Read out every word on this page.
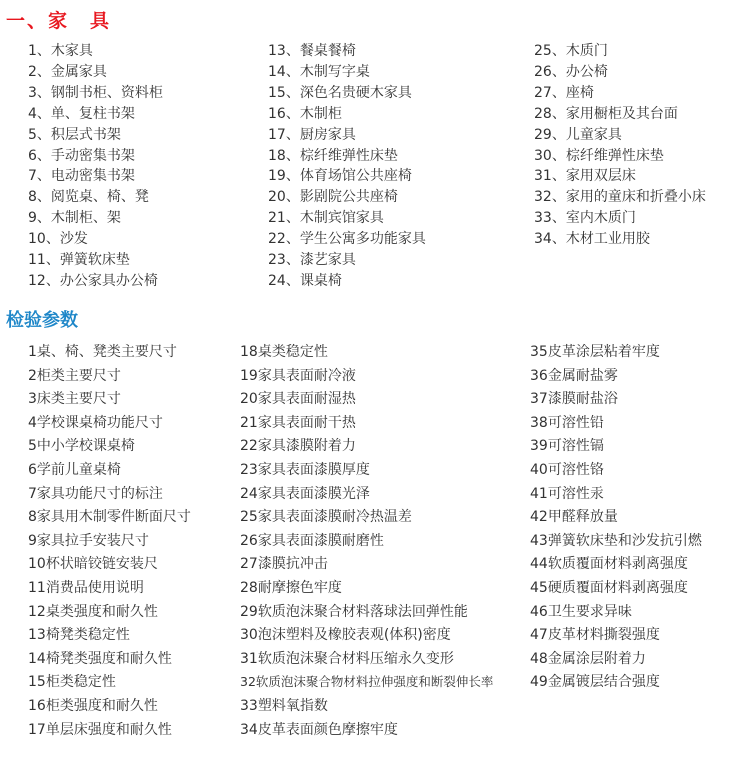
一、家　具
检验参数
1、木家具
2、金属家具
3、钢制书柜、资料柜
4、单、复柱书架
5、积层式书架
6、手动密集书架
7、电动密集书架
8、阅览桌、椅、凳
9、木制柜、架
10、沙发
11、弹簧软床垫
12、办公家具办公椅
13、餐桌餐椅
14、木制写字桌
15、深色名贵硬木家具
16、木制柜
17、厨房家具
18、棕纤维弹性床垫
19、体育场馆公共座椅
20、影剧院公共座椅
21、木制宾馆家具
22、学生公寓多功能家具
23、漆艺家具
24、课桌椅
25、木质门
26、办公椅
27、座椅
28、家用橱柜及其台面
29、儿童家具
30、棕纤维弹性床垫
31、家用双层床
32、家用的童床和折叠小床
33、室内木质门
34、木材工业用胶
1桌、椅、凳类主要尺寸
2柜类主要尺寸
3床类主要尺寸
4学校课桌椅功能尺寸
5中小学校课桌椅
6学前儿童桌椅
7家具功能尺寸的标注
8家具用木制零件断面尺寸
9家具拉手安装尺寸
10杯状暗铰链安装尺
11消费品使用说明
12桌类强度和耐久性
13椅凳类稳定性
14椅凳类强度和耐久性
15柜类稳定性
16柜类强度和耐久性
17单层床强度和耐久性
18桌类稳定性
19家具表面耐冷液
20家具表面耐湿热
21家具表面耐干热
22家具漆膜附着力
23家具表面漆膜厚度
24家具表面漆膜光泽
25家具表面漆膜耐冷热温差
26家具表面漆膜耐磨性
27漆膜抗冲击
28耐摩擦色牢度
29软质泡沫聚合材料落球法回弹性能
30泡沫塑料及橡胶表观(体积)密度
31软质泡沫聚合材料压缩永久变形
32软质泡沫聚合物材料拉伸强度和断裂伸长率
33塑料氧指数
34皮革表面颜色摩擦牢度
35皮革涂层粘着牢度
36金属耐盐雾
37漆膜耐盐浴
38可溶性铅
39可溶性镉
40可溶性铬
41可溶性汞
42甲醛释放量
43弹簧软床垫和沙发抗引燃
44软质覆面材料剥离强度
45硬质覆面材料剥离强度
46卫生要求异味
47皮革材料撕裂强度
48金属涂层附着力
49金属镀层结合强度
